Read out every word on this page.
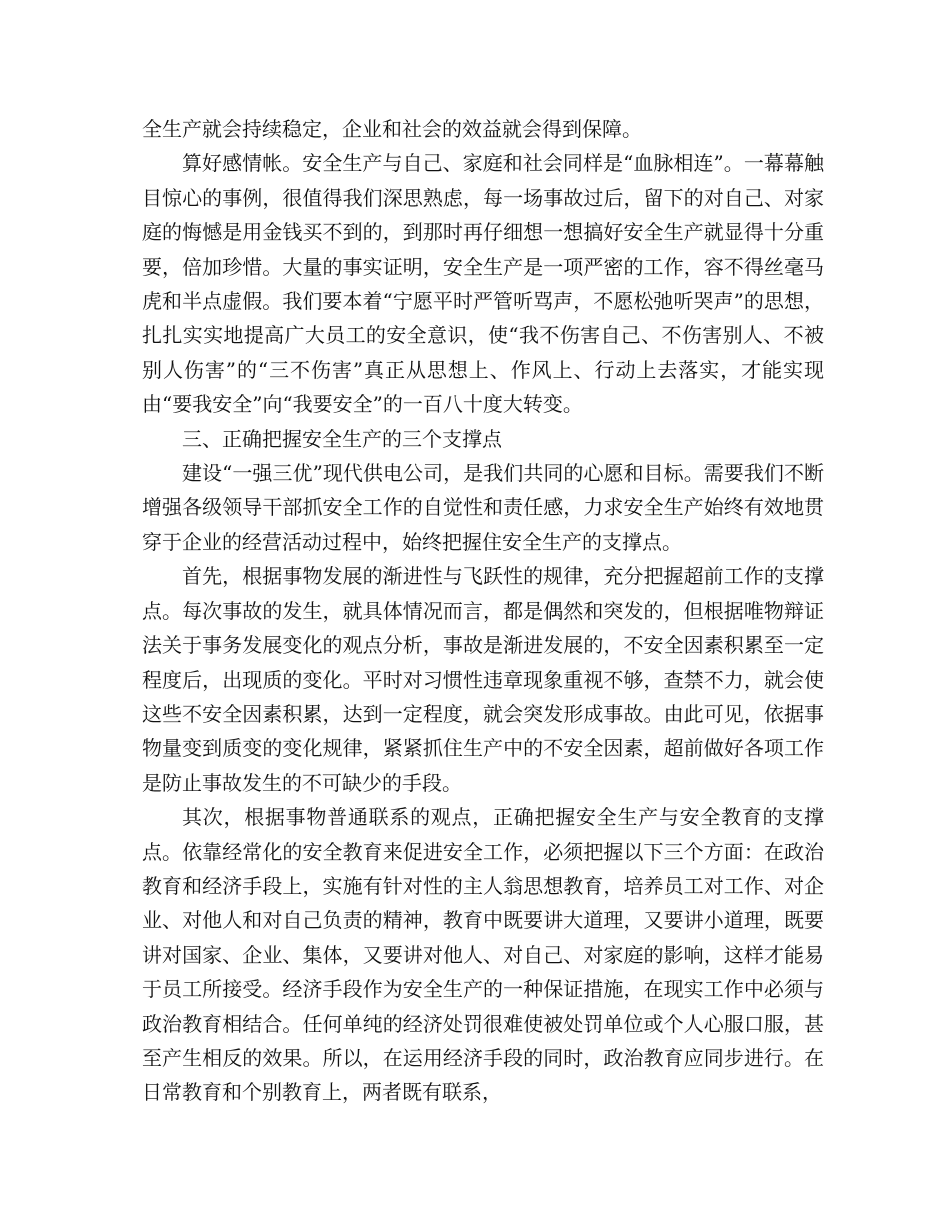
全生产就会持续稳定，企业和社会的效益就会得到保障。

算好感情帐。安全生产与自己、家庭和社会同样是“血脉相连”。一幕幕触目惊心的事例，很值得我们深思熟虑，每一场事故过后，留下的对自己、对家庭的悔憾是用金钱买不到的，到那时再仔细想一想搞好安全生产就显得十分重要，倍加珍惜。大量的事实证明，安全生产是一项严密的工作，容不得丝毫马虎和半点虚假。我们要本着“宁愿平时严管听骂声，不愿松弛听哭声”的思想，扎扎实实地提高广大员工的安全意识，使“我不伤害自己、不伤害别人、不被别人伤害”的“三不伤害”真正从思想上、作风上、行动上去落实，才能实现由“要我安全”向“我要安全”的一百八十度大转变。

三、正确把握安全生产的三个支撑点

建设“一强三优”现代供电公司，是我们共同的心愿和目标。需要我们不断增强各级领导干部抓安全工作的自觉性和责任感，力求安全生产始终有效地贯穿于企业的经营活动过程中，始终把握住安全生产的支撑点。

首先，根据事物发展的渐进性与飞跃性的规律，充分把握超前工作的支撑点。每次事故的发生，就具体情况而言，都是偶然和突发的，但根据唯物辩证法关于事务发展变化的观点分析，事故是渐进发展的，不安全因素积累至一定程度后，出现质的变化。平时对习惯性违章现象重视不够，查禁不力，就会使这些不安全因素积累，达到一定程度，就会突发形成事故。由此可见，依据事物量变到质变的变化规律，紧紧抓住生产中的不安全因素，超前做好各项工作是防止事故发生的不可缺少的手段。

其次，根据事物普通联系的观点，正确把握安全生产与安全教育的支撑点。依靠经常化的安全教育来促进安全工作，必须把握以下三个方面：在政治教育和经济手段上，实施有针对性的主人翁思想教育，培养员工对工作、对企业、对他人和对自己负责的精神，教育中既要讲大道理，又要讲小道理，既要讲对国家、企业、集体，又要讲对他人、对自己、对家庭的影响，这样才能易于员工所接受。经济手段作为安全生产的一种保证措施，在现实工作中必须与政治教育相结合。任何单纯的经济处罚很难使被处罚单位或个人心服口服，甚至产生相反的效果。所以，在运用经济手段的同时，政治教育应同步进行。在日常教育和个别教育上，两者既有联系，
